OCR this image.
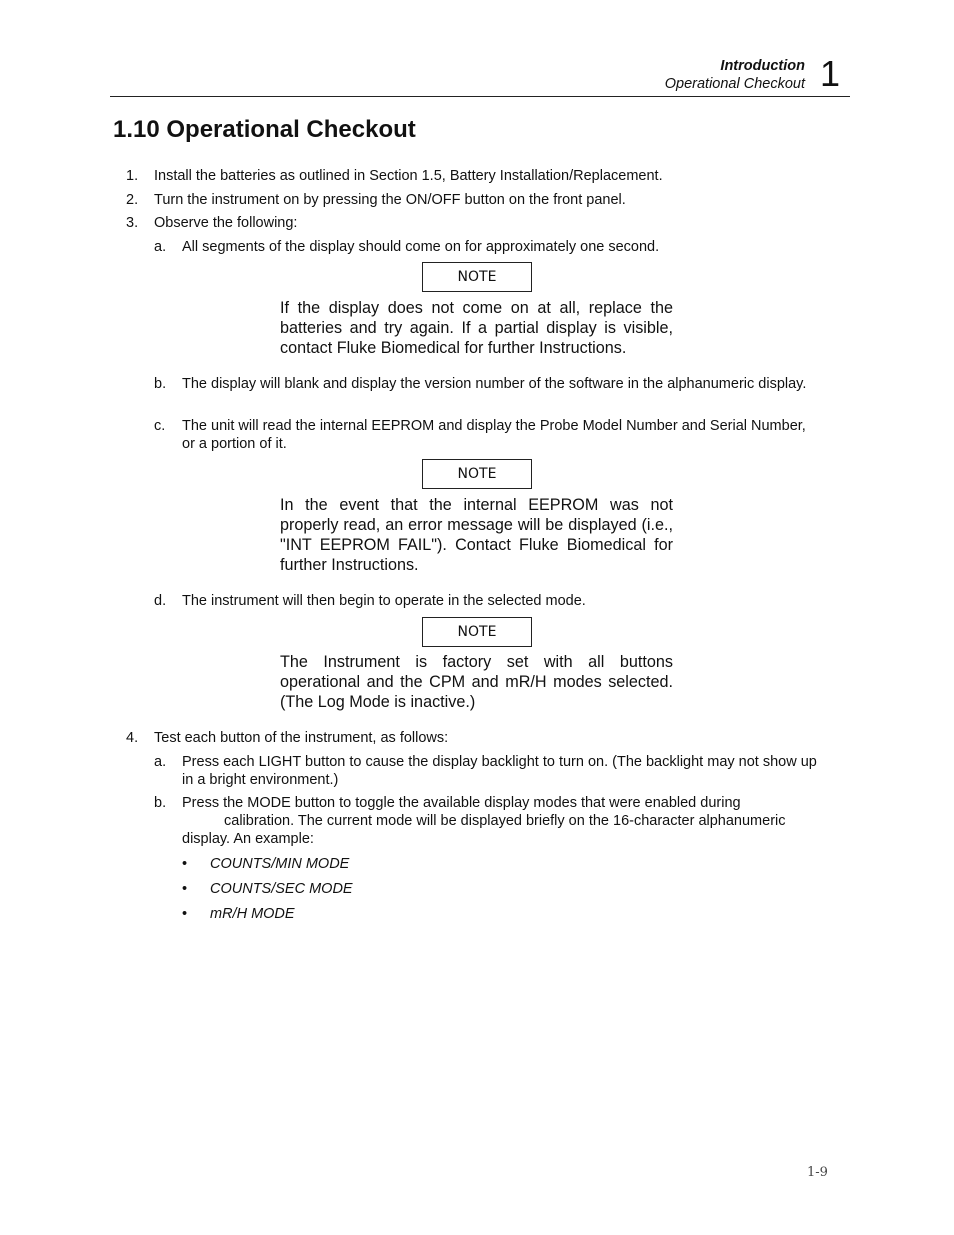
Introduction
Operational Checkout 1
1.10 Operational Checkout
1. Install the batteries as outlined in Section 1.5, Battery Installation/Replacement.
2. Turn the instrument on by pressing the ON/OFF button on the front panel.
3. Observe the following:
a. All segments of the display should come on for approximately one second.
NOTE
If the display does not come on at all, replace the batteries and try again. If a partial display is visible, contact Fluke Biomedical for further Instructions.
b. The display will blank and display the version number of the software in the alphanumeric display.
c. The unit will read the internal EEPROM and display the Probe Model Number and Serial Number, or a portion of it.
NOTE
In the event that the internal EEPROM was not properly read, an error message will be displayed (i.e., "INT EEPROM FAIL"). Contact Fluke Biomedical for further Instructions.
d. The instrument will then begin to operate in the selected mode.
NOTE
The Instrument is factory set with all buttons operational and the CPM and mR/H modes selected. (The Log Mode is inactive.)
4. Test each button of the instrument, as follows:
a. Press each LIGHT button to cause the display backlight to turn on. (The backlight may not show up in a bright environment.)
b. Press the MODE button to toggle the available display modes that were enabled during
calibration. The current mode will be displayed briefly on the 16-character alphanumeric
display. An example:
• COUNTS/MIN MODE
• COUNTS/SEC MODE
• mR/H MODE
1-9
